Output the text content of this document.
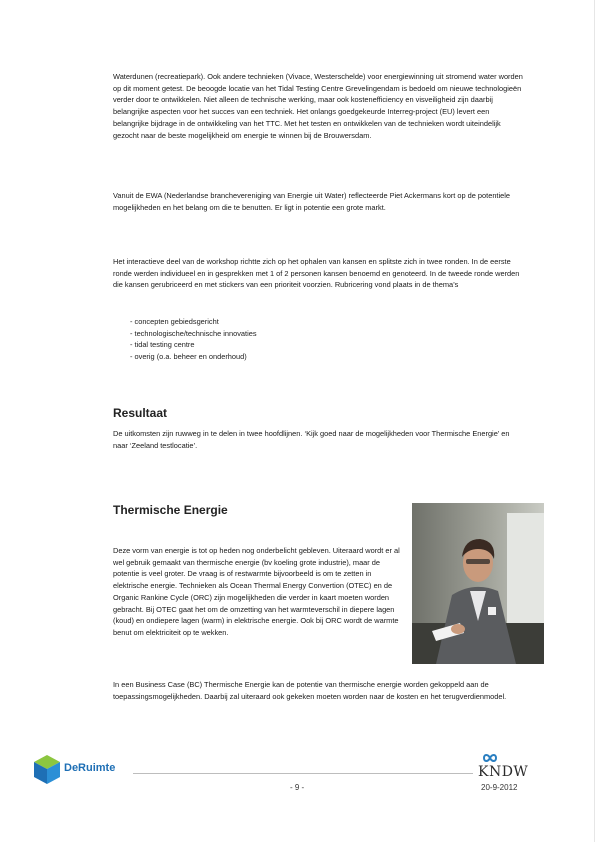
Waterdunen (recreatiepark). Ook andere technieken (Vivace, Westerschelde) voor energiewinning uit stromend water worden op dit moment getest. De beoogde locatie van het Tidal Testing Centre Grevelingendam is bedoeld om nieuwe technologieën verder door te ontwikkelen. Niet alleen de technische werking, maar ook kostenefficiency en visveiligheid zijn daarbij belangrijke aspecten voor het succes van een techniek. Het onlangs goedgekeurde Interreg-project (EU) levert een belangrijke bijdrage in de ontwikkeling van het TTC. Met het testen en ontwikkelen van de technieken wordt uiteindelijk gezocht naar de beste mogelijkheid om energie te winnen bij de Brouwersdam.

Vanuit de EWA (Nederlandse branchevereniging van Energie uit Water) reflecteerde Piet Ackermans kort op de potentiele mogelijkheden en het belang om die te benutten. Er ligt in potentie een grote markt.

Het interactieve deel van de workshop richtte zich op het ophalen van kansen en splitste zich in twee ronden. In de eerste ronde werden individueel en in gesprekken met 1 of 2 personen kansen benoemd en genoteerd. In de tweede ronde werden die kansen gerubriceerd en met stickers van een prioriteit voorzien. Rubricering vond plaats in de thema’s

- concepten gebiedsgericht
- technologische/technische innovaties
- tidal testing centre
- overig (o.a. beheer en onderhoud)
Resultaat

De uitkomsten zijn ruwweg in te delen in twee hoofdlijnen. ‘Kijk goed naar de mogelijkheden voor Thermische Energie’ en naar ‘Zeeland testlocatie’.

Thermische Energie

Deze vorm van energie is tot op heden nog onderbelicht gebleven. Uiteraard wordt er al wel gebruik gemaakt van thermische energie (bv koeling grote industrie), maar de potentie is veel groter. De vraag is of restwarmte bijvoorbeeld is om te zetten in elektrische energie. Technieken als Ocean Thermal Energy Convertion (OTEC) en de Organic Rankine Cycle (ORC) zijn mogelijkheden die verder in kaart moeten worden gebracht. Bij OTEC gaat het om de omzetting van het warmteverschil in diepere lagen (koud) en ondiepere lagen (warm) in elektrische energie. Ook bij ORC wordt de warmte benut om elektriciteit op te wekken.

In een Business Case (BC) Thermische Energie kan de potentie van thermische energie worden gekoppeld aan de toepassingsmogelijkheden. Daarbij zal uiteraard ook gekeken moeten worden naar de kosten en het terugverdienmodel.

DeRuimte
- 9 -
KNDW
20-9-2012
